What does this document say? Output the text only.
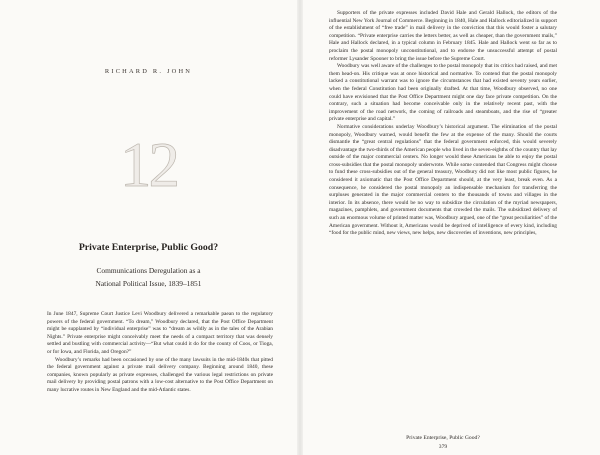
RICHARD R. JOHN
12
Private Enterprise, Public Good?
Communications Deregulation as a
National Political Issue, 1839–1851

In June 1847, Supreme Court Justice Levi Woodbury delivered a remarkable paean to the regulatory powers of the federal government. “To dream,” Woodbury declared, that the Post Office Department might be supplanted by “individual enterprise” was to “dream as wildly as in the tales of the Arabian Nights.” Private enterprise might conceivably meet the needs of a compact territory that was densely settled and bustling with commercial activity—“But what could it do for the county of Coos, or Tioga, or for Iowa, and Florida, and Oregon?”

Woodbury’s remarks had been occasioned by one of the many lawsuits in the mid-1840s that pitted the federal government against a private mail delivery company. Beginning around 1840, these companies, known popularly as private expresses, challenged the various legal restrictions on private mail delivery by providing postal patrons with a low-cost alternative to the Post Office Department on many lucrative routes in New England and the mid-Atlantic states.

Supporters of the private expresses included David Hale and Gerald Hallock, the editors of the influential New York Journal of Commerce. Beginning in 1840, Hale and Hallock editorialized in support of the establishment of “free trade” in mail delivery in the conviction that this would foster a salutary competition. “Private enterprise carries the letters better, as well as cheaper, than the government mails,” Hale and Hallock declared, in a typical column in February 1845. Hale and Hallock went so far as to proclaim the postal monopoly unconstitutional, and to endorse the unsuccessful attempt of postal reformer Lysander Spooner to bring the issue before the Supreme Court.

Woodbury was well aware of the challenges to the postal monopoly that its critics had raised, and met them head-on. His critique was at once historical and normative. To contend that the postal monopoly lacked a constitutional warrant was to ignore the circumstances that had existed seventy years earlier, when the federal Constitution had been originally drafted. At that time, Woodbury observed, no one could have envisioned that the Post Office Department might one day face private competition. On the contrary, such a situation had become conceivable only in the relatively recent past, with the improvement of the road network, the coming of railroads and steamboats, and the rise of “greater private enterprise and capital.”

Normative considerations underlay Woodbury’s historical argument. The elimination of the postal monopoly, Woodbury warned, would benefit the few at the expense of the many. Should the courts dismantle the “great central regulations” that the federal government enforced, this would severely disadvantage the two-thirds of the American people who lived in the seven-eighths of the country that lay outside of the major commercial centers. No longer would these Americans be able to enjoy the postal cross-subsidies that the postal monopoly underwrote. While some contended that Congress might choose to fund these cross-subsidies out of the general treasury, Woodbury did not like most public figures, he considered it axiomatic that the Post Office Department should, at the very least, break even. As a consequence, he considered the postal monopoly an indispensable mechanism for transferring the surpluses generated in the major commercial centers to the thousands of towns and villages in the interior. In its absence, there would be no way to subsidize the circulation of the myriad newspapers, magazines, pamphlets, and government documents that crowded the mails. The subsidized delivery of such an enormous volume of printed matter was, Woodbury argued, one of the “great peculiarities” of the American government. Without it, Americans would be deprived of intelligence of every kind, including “food for the public mind, new views, new helps, new discoveries of inventions, new principles,

Private Enterprise, Public Good?
379
